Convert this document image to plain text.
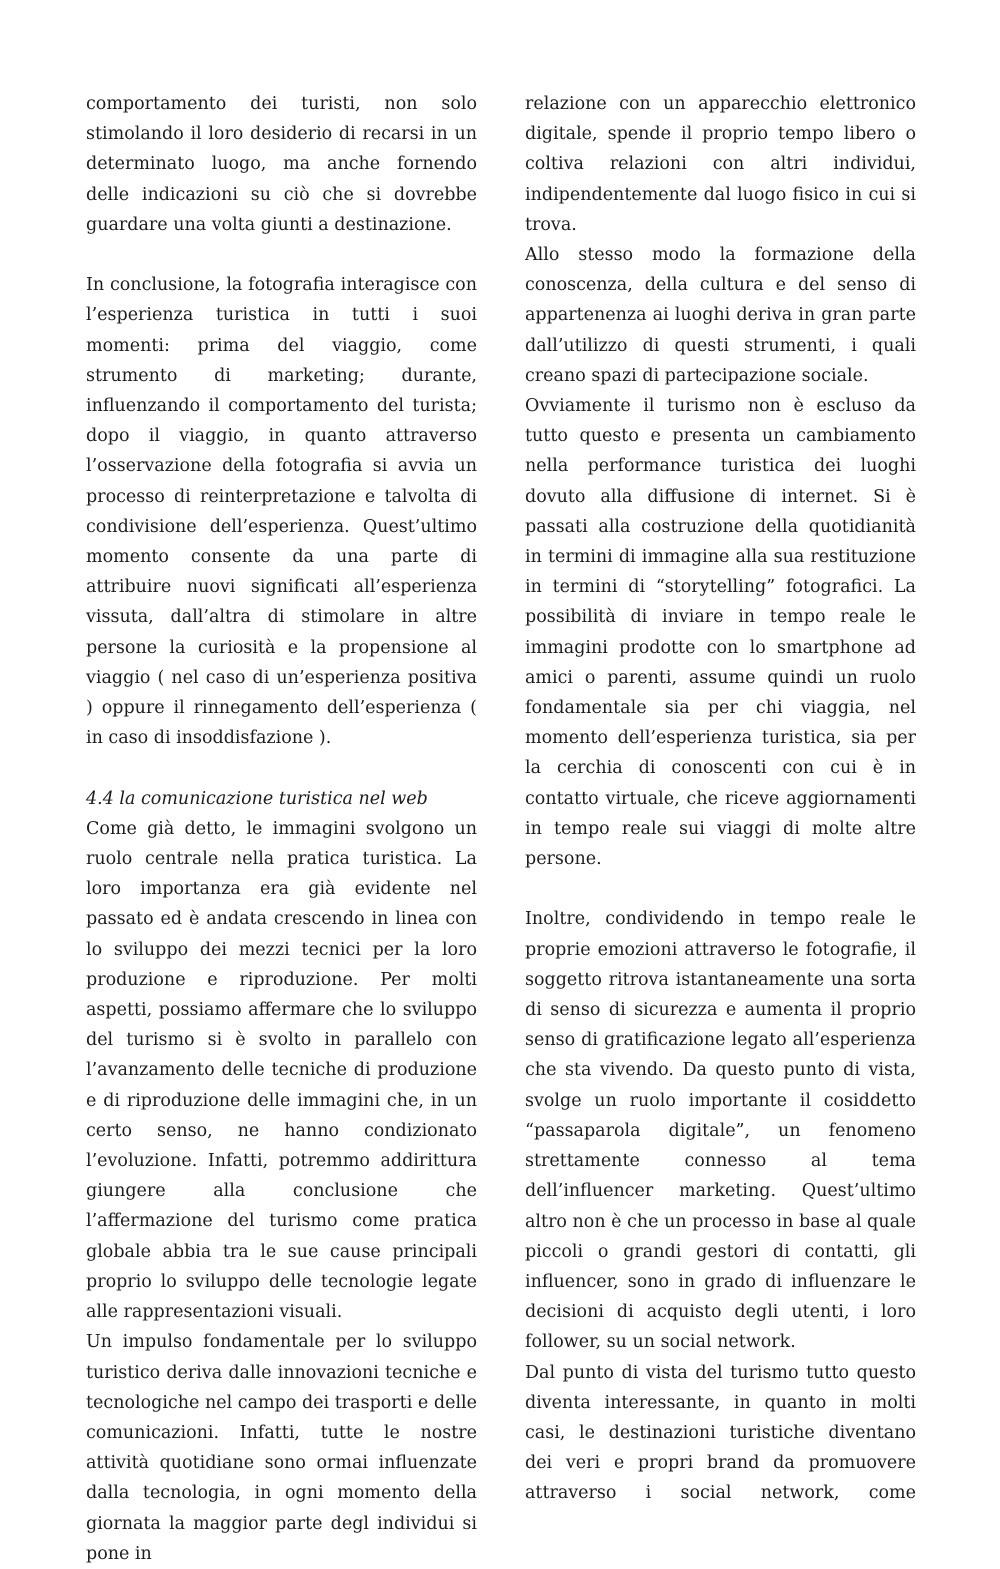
comportamento dei turisti, non solo stimolando il loro desiderio di recarsi in un determinato luogo, ma anche fornendo delle indicazioni su ciò che si dovrebbe guardare una volta giunti a destinazione.

In conclusione, la fotografia interagisce con l’esperienza turistica in tutti i suoi momenti: prima del viaggio, come strumento di marketing; durante, influenzando il comportamento del turista; dopo il viaggio, in quanto attraverso l’osservazione della fotografia si avvia un processo di reinterpretazione e talvolta di condivisione dell’esperienza. Quest’ultimo momento consente da una parte di attribuire nuovi significati all’esperienza vissuta, dall’altra di stimolare in altre persone la curiosità e la propensione al viaggio ( nel caso di un’esperienza positiva ) oppure il rinnegamento dell’esperienza ( in caso di insoddisfazione ).

4.4 la comunicazione turistica nel web

Come già detto, le immagini svolgono un ruolo centrale nella pratica turistica. La loro importanza era già evidente nel passato ed è andata crescendo in linea con lo sviluppo dei mezzi tecnici per la loro produzione e riproduzione. Per molti aspetti, possiamo affermare che lo sviluppo del turismo si è svolto in parallelo con l’avanzamento delle tecniche di produzione e di riproduzione delle immagini che, in un certo senso, ne hanno condizionato l’evoluzione. Infatti, potremmo addirittura giungere alla conclusione che l’affermazione del turismo come pratica globale abbia tra le sue cause principali proprio lo sviluppo delle tecnologie legate alle rappresentazioni visuali.

Un impulso fondamentale per lo sviluppo turistico deriva dalle innovazioni tecniche e tecnologiche nel campo dei trasporti e delle comunicazioni. Infatti, tutte le nostre attività quotidiane sono ormai influenzate dalla tecnologia, in ogni momento della giornata la maggior parte degl individui si pone in

relazione con un apparecchio elettronico digitale, spende il proprio tempo libero o coltiva relazioni con altri individui, indipendentemente dal luogo fisico in cui si trova.

Allo stesso modo la formazione della conoscenza, della cultura e del senso di appartenenza ai luoghi deriva in gran parte dall’utilizzo di questi strumenti, i quali creano spazi di partecipazione sociale.

Ovviamente il turismo non è escluso da tutto questo e presenta un cambiamento nella performance turistica dei luoghi dovuto alla diffusione di internet. Si è passati alla costruzione della quotidianità in termini di immagine alla sua restituzione in termini di “storytelling” fotografici. La possibilità di inviare in tempo reale le immagini prodotte con lo smartphone ad amici o parenti, assume quindi un ruolo fondamentale sia per chi viaggia, nel momento dell’esperienza turistica, sia per la cerchia di conoscenti con cui è in contatto virtuale, che riceve aggiornamenti in tempo reale sui viaggi di molte altre persone.

Inoltre, condividendo in tempo reale le proprie emozioni attraverso le fotografie, il soggetto ritrova istantaneamente una sorta di senso di sicurezza e aumenta il proprio senso di gratificazione legato all’esperienza che sta vivendo. Da questo punto di vista, svolge un ruolo importante il cosiddetto “passaparola digitale”, un fenomeno strettamente connesso al tema dell’influencer marketing. Quest’ultimo altro non è che un processo in base al quale piccoli o grandi gestori di contatti, gli influencer, sono in grado di influenzare le decisioni di acquisto degli utenti, i loro follower, su un social network.

Dal punto di vista del turismo tutto questo diventa interessante, in quanto in molti casi, le destinazioni turistiche diventano dei veri e propri brand da promuovere attraverso i social network, come
